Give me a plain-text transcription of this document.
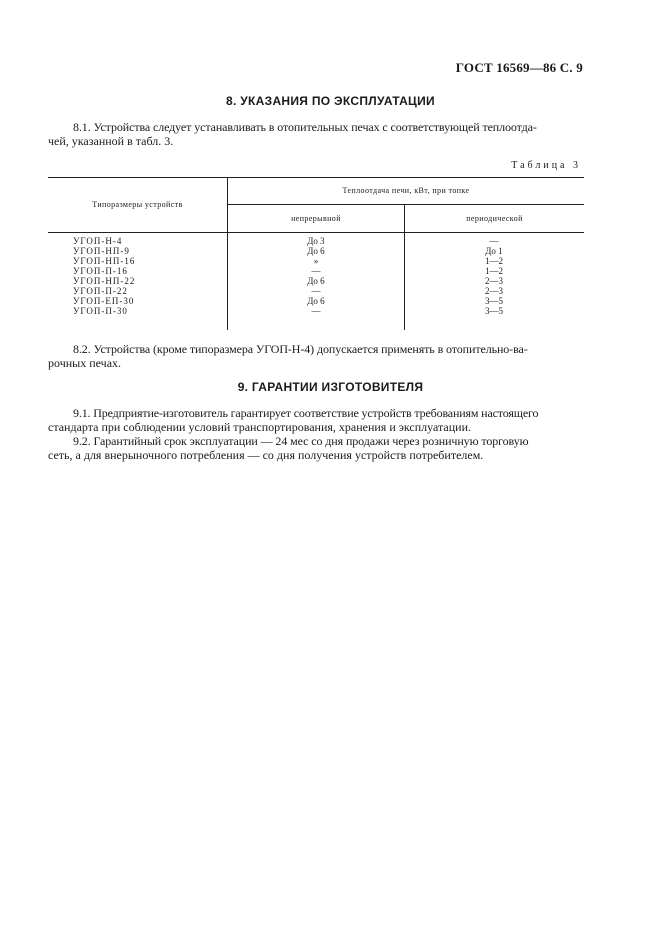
ГОСТ 16569—86 С. 9
8. УКАЗАНИЯ ПО ЭКСПЛУАТАЦИИ
8.1. Устройства следует устанавливать в отопительных печах с соответствующей теплоотда-
чей, указанной в табл. 3.
Таблица 3
Типоразмеры устройств
Теплоотдача печи, кВт, при топке
непрерывной	периодической
УГОП-Н-4	До 3	—
УГОП-НП-9	До 6	До 1
УГОП-НП-16	»	1—2
УГОП-П-16	—	1—2
УГОП-НП-22	До 6	2—3
УГОП-П-22	—	2—3
УГОП-ЕП-30	До 6	3—5
УГОП-П-30	—	3—5
8.2. Устройства (кроме типоразмера УГОП-Н-4) допускается применять в отопительно-ва-
рочных печах.
9. ГАРАНТИИ ИЗГОТОВИТЕЛЯ
9.1. Предприятие-изготовитель гарантирует соответствие устройств требованиям настоящего
стандарта при соблюдении условий транспортирования, хранения и эксплуатации.
9.2. Гарантийный срок эксплуатации — 24 мес со дня продажи через розничную торговую
сеть, а для внерыночного потребления — со дня получения устройств потребителем.
